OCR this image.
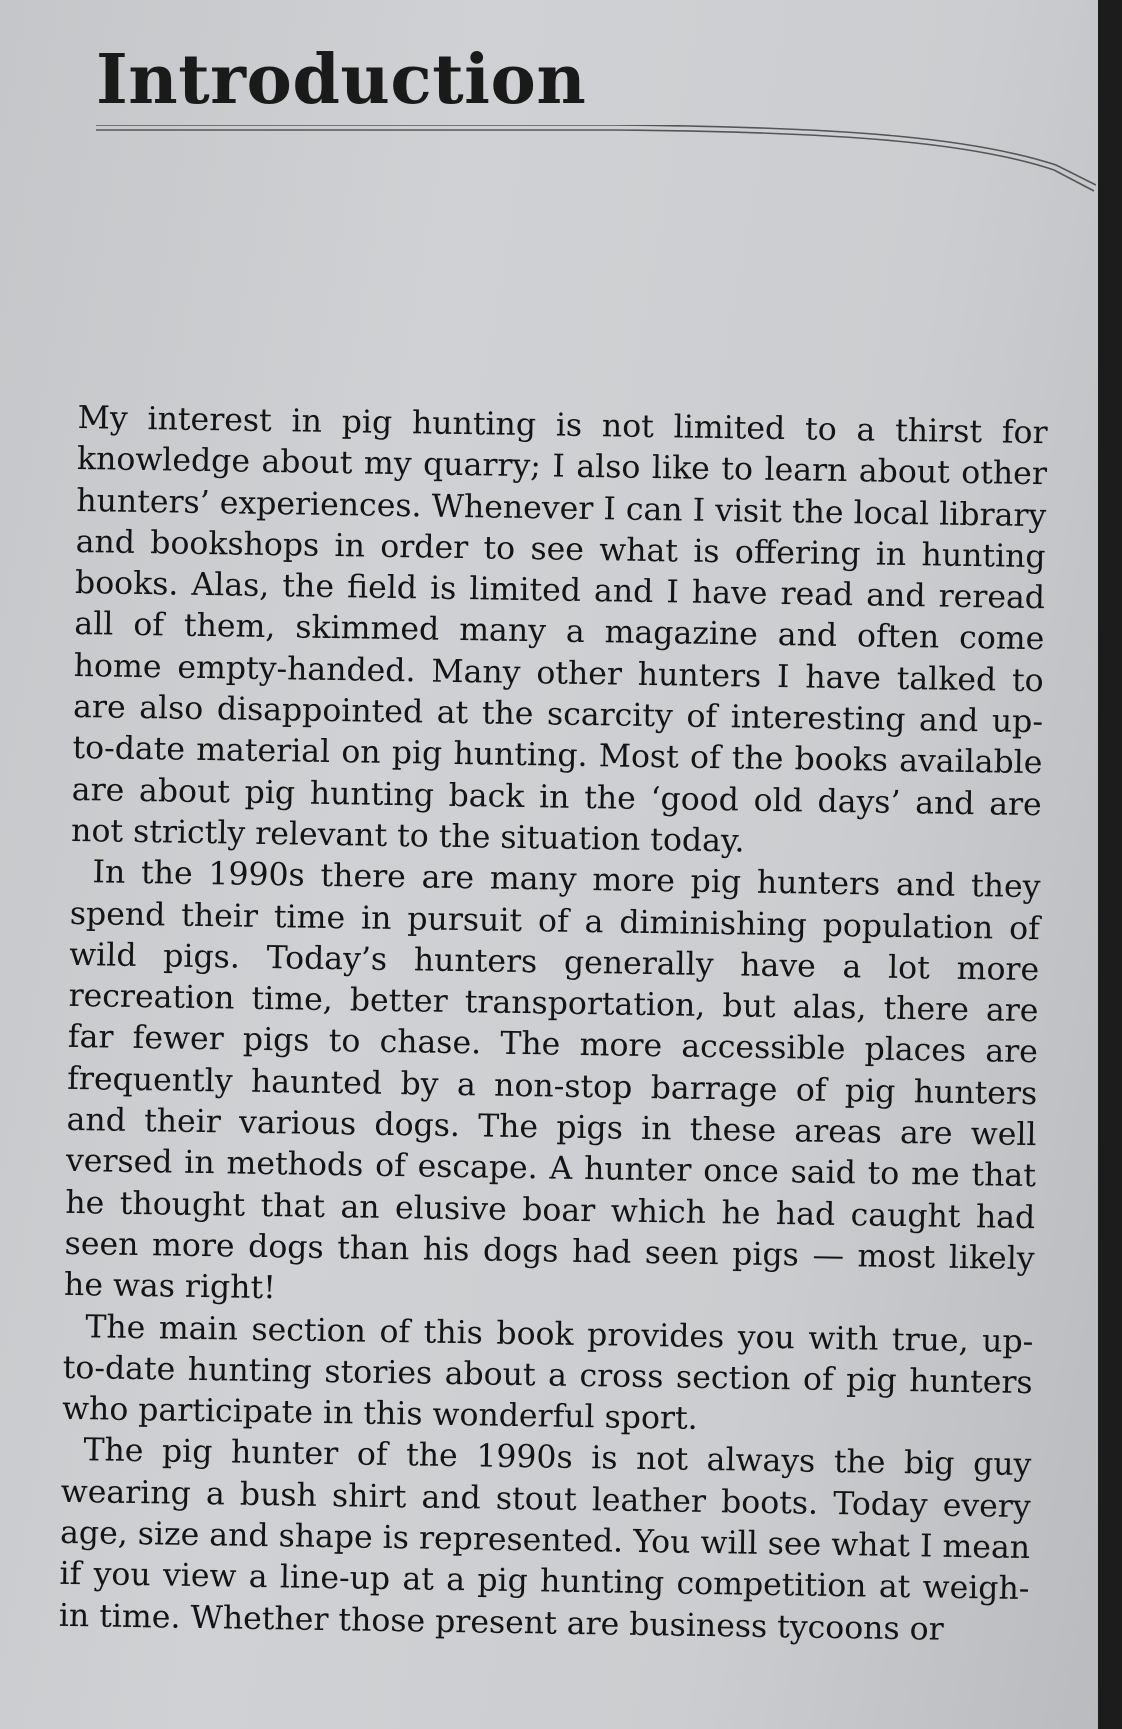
Introduction

My interest in pig hunting is not limited to a thirst for knowledge about my quarry; I also like to learn about other hunters’ experiences. Whenever I can I visit the local library and bookshops in order to see what is offering in hunting books. Alas, the field is limited and I have read and reread all of them, skimmed many a magazine and often come home empty-handed. Many other hunters I have talked to are also disappointed at the scarcity of interesting and up-to-date material on pig hunting. Most of the books available are about pig hunting back in the ‘good old days’ and are not strictly relevant to the situation today.

In the 1990s there are many more pig hunters and they spend their time in pursuit of a diminishing population of wild pigs. Today’s hunters generally have a lot more recreation time, better transportation, but alas, there are far fewer pigs to chase. The more accessible places are frequently haunted by a non-stop barrage of pig hunters and their various dogs. The pigs in these areas are well versed in methods of escape. A hunter once said to me that he thought that an elusive boar which he had caught had seen more dogs than his dogs had seen pigs — most likely he was right!

The main section of this book provides you with true, up-to-date hunting stories about a cross section of pig hunters who participate in this wonderful sport.

The pig hunter of the 1990s is not always the big guy wearing a bush shirt and stout leather boots. Today every age, size and shape is represented. You will see what I mean if you view a line-up at a pig hunting competition at weigh-in time. Whether those present are business tycoons or
